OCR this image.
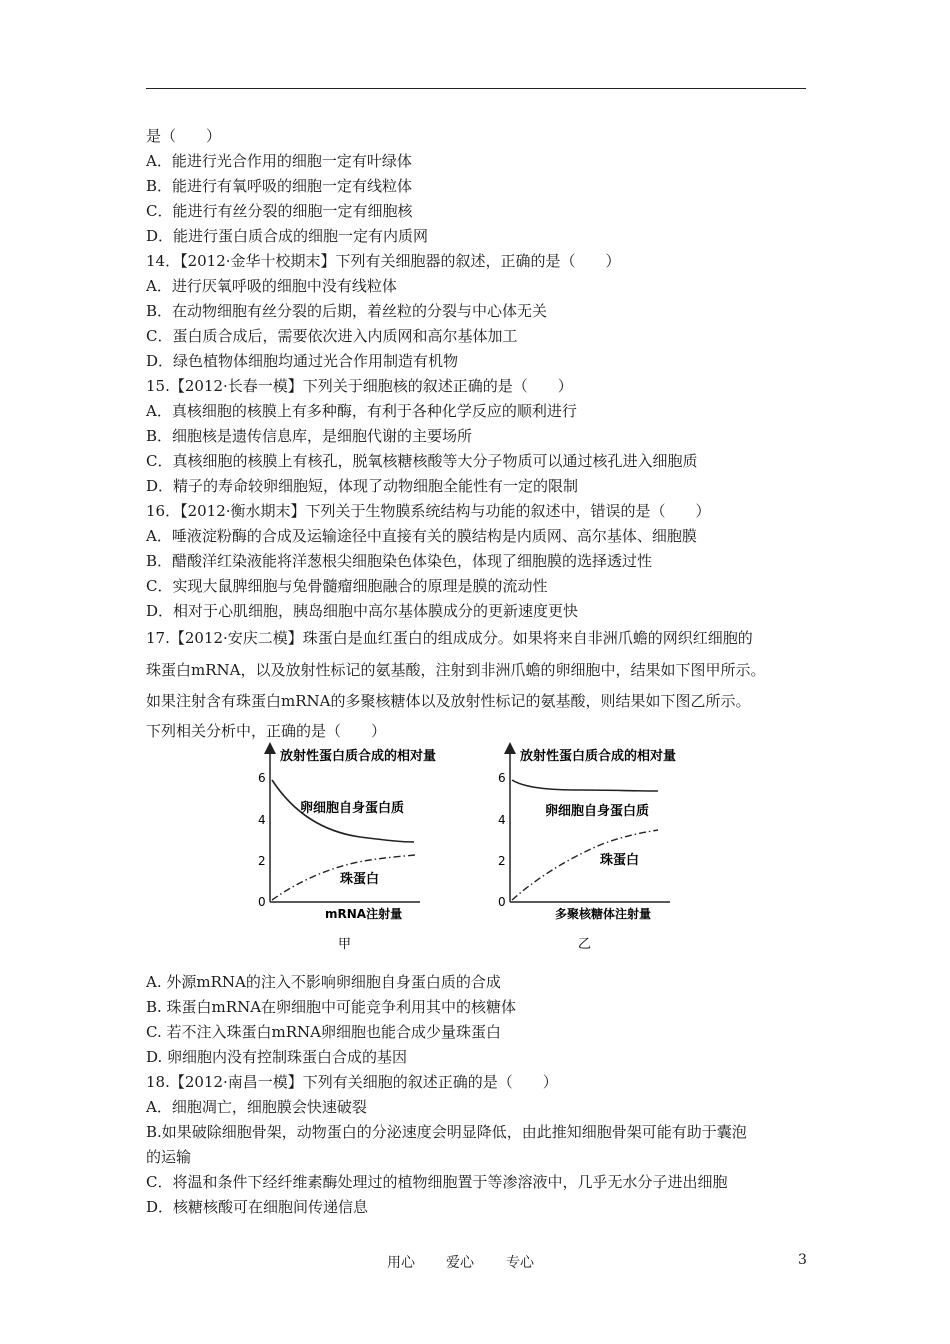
是（　　）
A．能进行光合作用的细胞一定有叶绿体
B．能进行有氧呼吸的细胞一定有线粒体
C．能进行有丝分裂的细胞一定有细胞核
D．能进行蛋白质合成的细胞一定有内质网
14．【2012·金华十校期末】下列有关细胞器的叙述，正确的是（　　）
A．进行厌氧呼吸的细胞中没有线粒体
B．在动物细胞有丝分裂的后期，着丝粒的分裂与中心体无关
C．蛋白质合成后，需要依次进入内质网和高尔基体加工
D．绿色植物体细胞均通过光合作用制造有机物
15.【2012·长春一模】下列关于细胞核的叙述正确的是（　　）
A．真核细胞的核膜上有多种酶，有利于各种化学反应的顺利进行
B．细胞核是遗传信息库，是细胞代谢的主要场所
C．真核细胞的核膜上有核孔，脱氧核糖核酸等大分子物质可以通过核孔进入细胞质
D．精子的寿命较卵细胞短，体现了动物细胞全能性有一定的限制
16．【2012·衡水期末】下列关于生物膜系统结构与功能的叙述中，错误的是（　　）
A．唾液淀粉酶的合成及运输途径中直接有关的膜结构是内质网、高尔基体、细胞膜
B．醋酸洋红染液能将洋葱根尖细胞染色体染色，体现了细胞膜的选择透过性
C．实现大鼠脾细胞与兔骨髓瘤细胞融合的原理是膜的流动性
D．相对于心肌细胞，胰岛细胞中高尔基体膜成分的更新速度更快
17.【2012·安庆二模】珠蛋白是血红蛋白的组成成分。如果将来自非洲爪蟾的网织红细胞的
珠蛋白mRNA，以及放射性标记的氨基酸，注射到非洲爪蟾的卵细胞中，结果如下图甲所示。
如果注射含有珠蛋白mRNA的多聚核糖体以及放射性标记的氨基酸，则结果如下图乙所示。
下列相关分析中，正确的是（　　）
放射性蛋白质合成的相对量
0
2
4
6
卵细胞自身蛋白质
珠蛋白
mRNA注射量
甲
放射性蛋白质合成的相对量
0
2
4
6
卵细胞自身蛋白质
珠蛋白
多聚核糖体注射量
乙
A. 外源mRNA的注入不影响卵细胞自身蛋白质的合成
B. 珠蛋白mRNA在卵细胞中可能竞争利用其中的核糖体
C. 若不注入珠蛋白mRNA卵细胞也能合成少量珠蛋白
D. 卵细胞内没有控制珠蛋白合成的基因
18.【2012·南昌一模】下列有关细胞的叙述正确的是（　　）
A．细胞凋亡，细胞膜会快速破裂
B.如果破除细胞骨架，动物蛋白的分泌速度会明显降低，由此推知细胞骨架可能有助于囊泡
的运输
C．将温和条件下经纤维素酶处理过的植物细胞置于等渗溶液中，几乎无水分子进出细胞
D．核糖核酸可在细胞间传递信息
用心 爱心 专心	3
